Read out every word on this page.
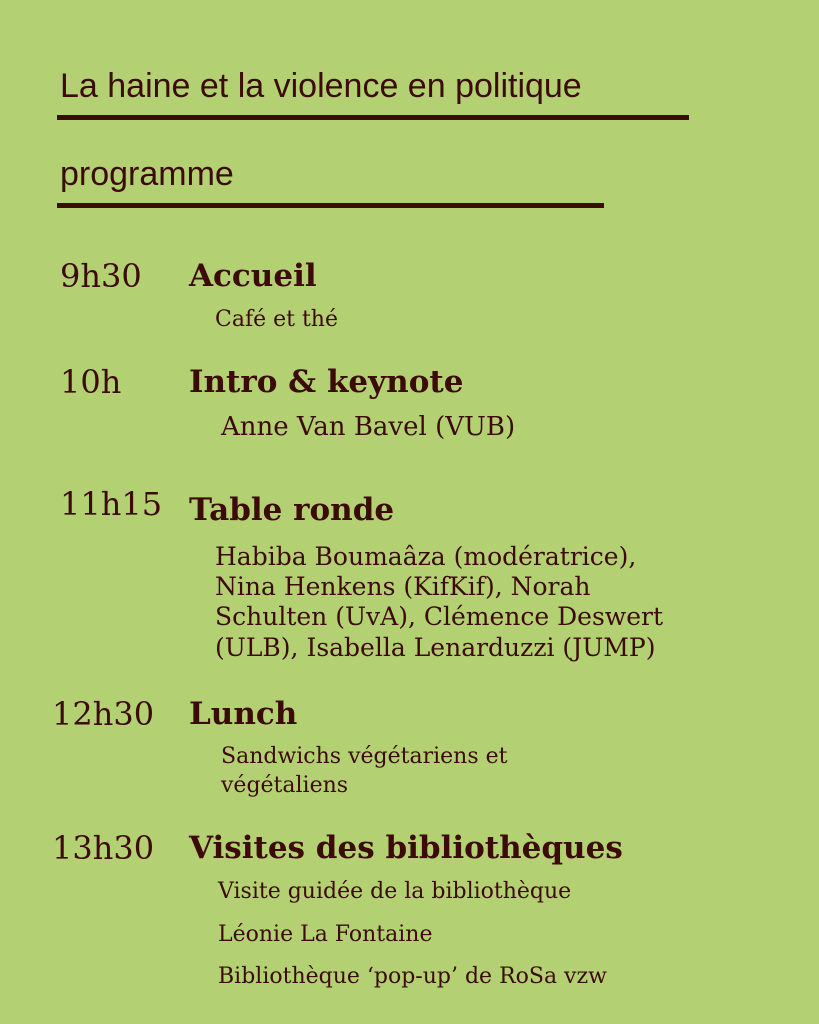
La haine et la violence en politique
programme
9h30 Accueil
Café et thé
10h Intro & keynote
Anne Van Bavel (VUB)
11h15 Table ronde
Habiba Boumaâza (modératrice),
Nina Henkens (KifKif), Norah
Schulten (UvA), Clémence Deswert
(ULB), Isabella Lenarduzzi (JUMP)
12h30 Lunch
Sandwichs végétariens et
végétaliens
13h30 Visites des bibliothèques
Visite guidée de la bibliothèque
Léonie La Fontaine
Bibliothèque ‘pop-up’ de RoSa vzw
